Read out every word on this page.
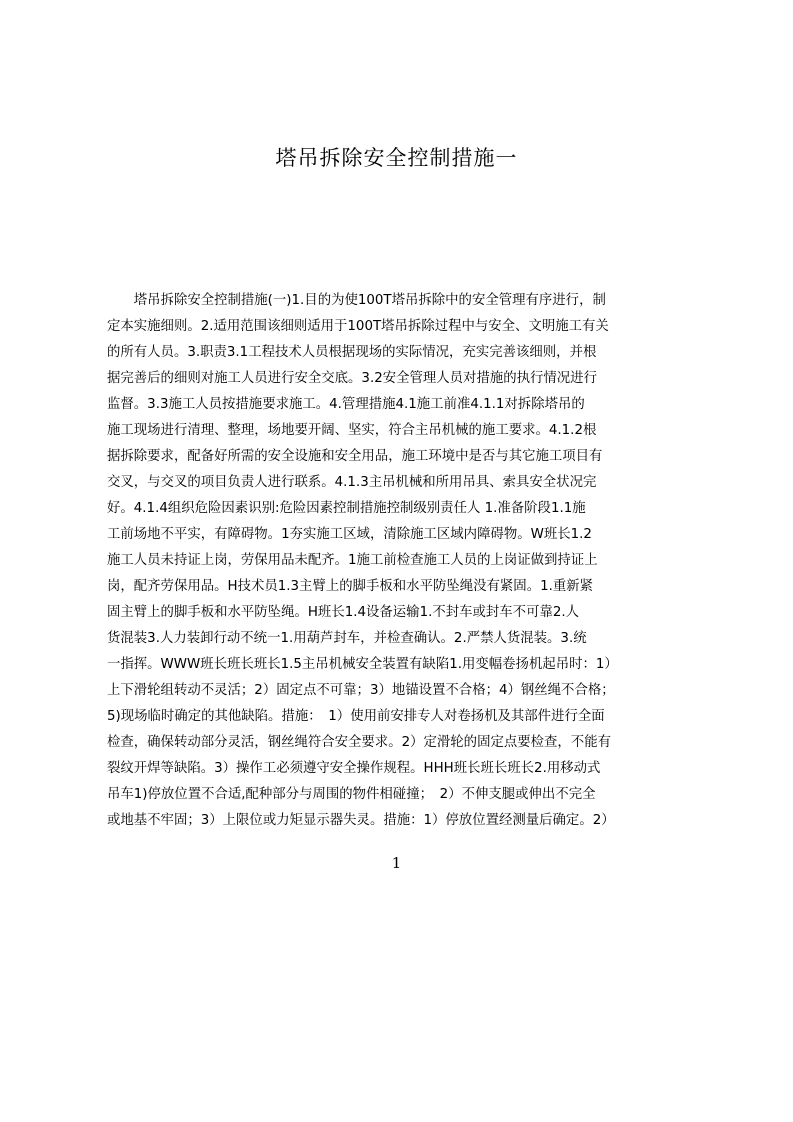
塔吊拆除安全控制措施一
　　塔吊拆除安全控制措施(一)1.目的为使100T塔吊拆除中的安全管理有序进行，制
定本实施细则。2.适用范围该细则适用于100T塔吊拆除过程中与安全、文明施工有关
的所有人员。3.职责3.1工程技术人员根据现场的实际情况，充实完善该细则，并根
据完善后的细则对施工人员进行安全交底。3.2安全管理人员对措施的执行情况进行
监督。3.3施工人员按措施要求施工。4.管理措施4.1施工前准4.1.1对拆除塔吊的
施工现场进行清理、整理，场地要开阔、坚实，符合主吊机械的施工要求。4.1.2根
据拆除要求，配备好所需的安全设施和安全用品，施工环境中是否与其它施工项目有
交叉，与交叉的项目负责人进行联系。4.1.3主吊机械和所用吊具、索具安全状况完
好。4.1.4组织危险因素识别:危险因素控制措施控制级别责任人 1.准备阶段1.1施
工前场地不平实，有障碍物。1夯实施工区域，清除施工区域内障碍物。W班长1.2
施工人员未持证上岗，劳保用品未配齐。1施工前检查施工人员的上岗证做到持证上
岗，配齐劳保用品。H技术员1.3主臂上的脚手板和水平防坠绳没有紧固。1.重新紧
固主臂上的脚手板和水平防坠绳。H班长1.4设备运输1.不封车或封车不可靠2.人
货混装3.人力装卸行动不统一1.用葫芦封车，并检查确认。2.严禁人货混装。3.统
一指挥。WWW班长班长班长1.5主吊机械安全装置有缺陷1.用变幅卷扬机起吊时：1）
上下滑轮组转动不灵活；2）固定点不可靠；3）地锚设置不合格；4）钢丝绳不合格；
5)现场临时确定的其他缺陷。措施：　1）使用前安排专人对卷扬机及其部件进行全面
检查，确保转动部分灵活，钢丝绳符合安全要求。2）定滑轮的固定点要检查，不能有
裂纹开焊等缺陷。3）操作工必须遵守安全操作规程。HHH班长班长班长2.用移动式
吊车1)停放位置不合适,配种部分与周围的物件相碰撞；　2）不伸支腿或伸出不完全
或地基不牢固；3）上限位或力矩显示器失灵。措施：1）停放位置经测量后确定。2）
1
